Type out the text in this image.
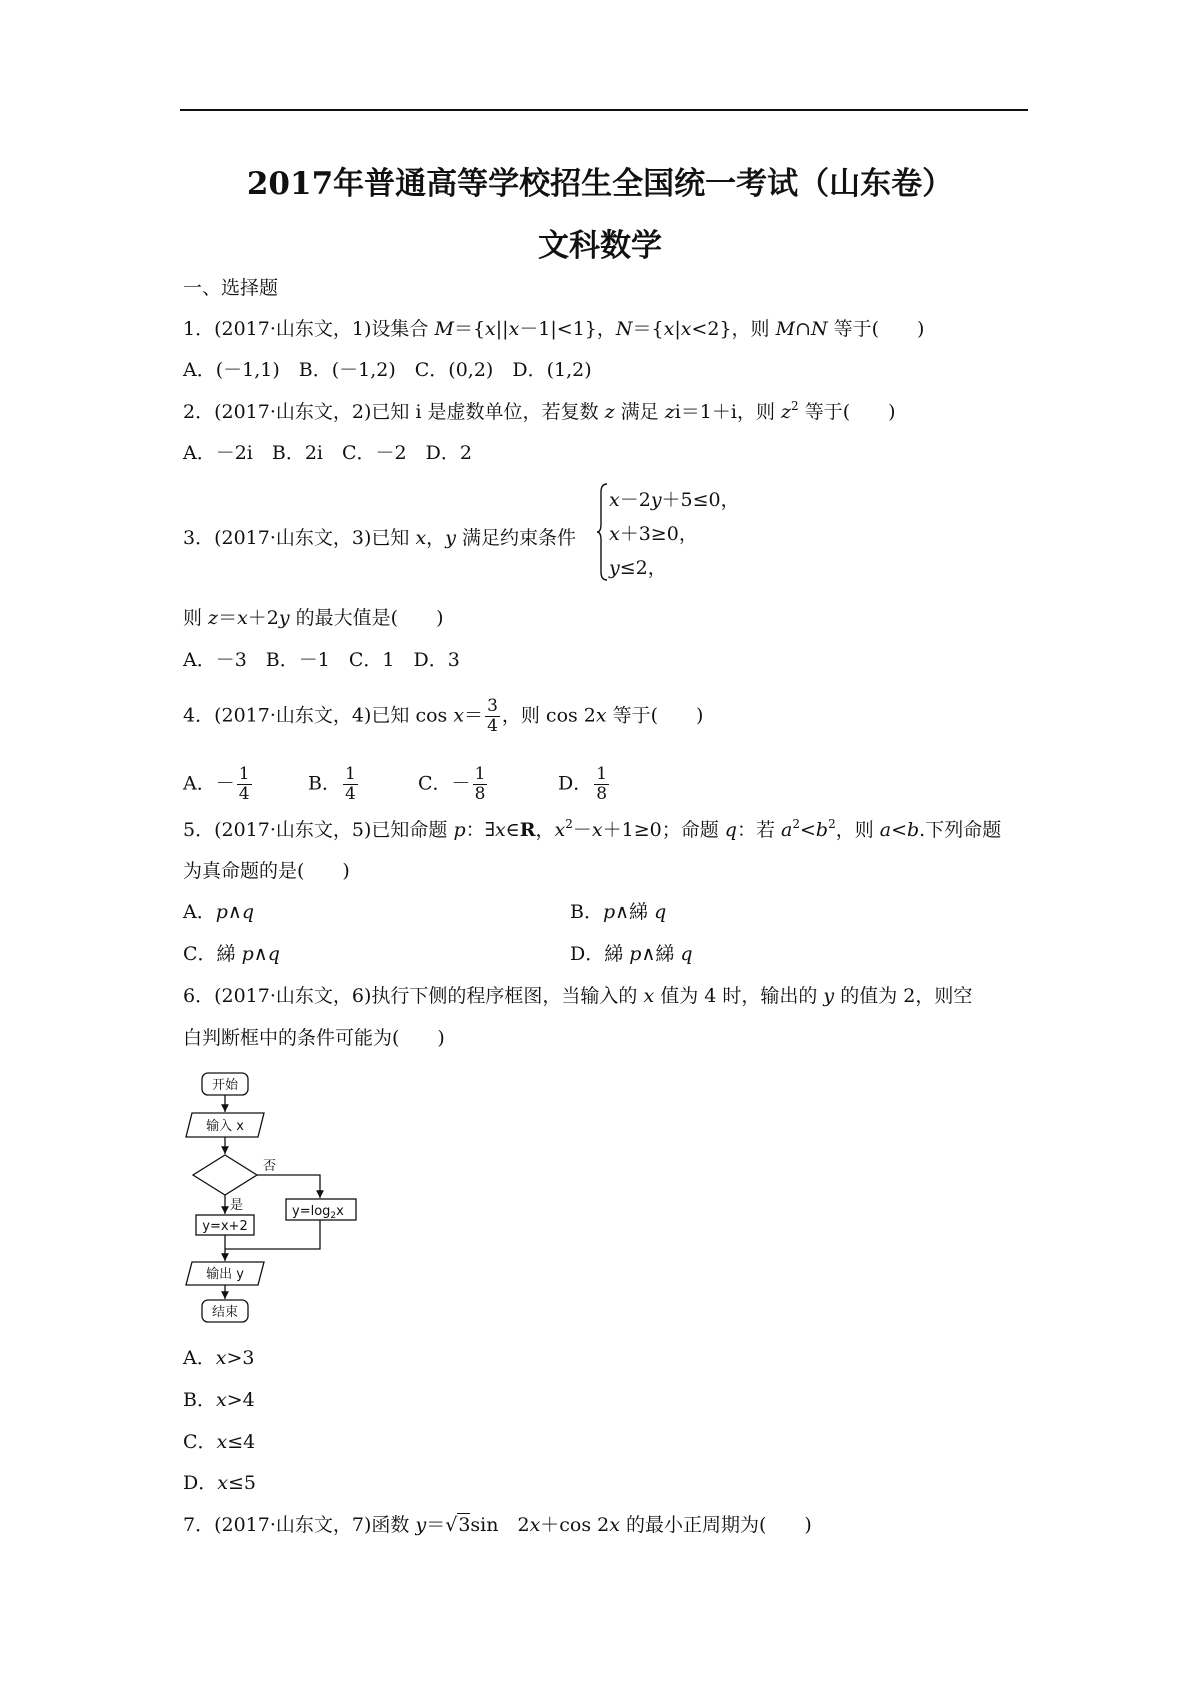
2017年普通高等学校招生全国统一考试（山东卷）
文科数学
一、选择题
1．(2017·山东文，1)设集合 M＝{x||x－1|<1}，N＝{x|x<2}，则 M∩N 等于(　　)
A．(－1,1)　B．(－1,2)　C．(0,2)　D．(1,2)
2．(2017·山东文，2)已知 i 是虚数单位，若复数 z 满足 zi＝1＋i，则 $z^2$ 等于(　　)
A．－2i　B．2i　C．－2　D．2
3．(2017·山东文，3)已知 x，y 满足约束条件
x－2y＋5≤0，
x＋3≥0，
y≤2，
则 z＝x＋2y 的最大值是(　　)
A．－3　B．－1　C．1　D．3
4．(2017·山东文，4)已知 $\cos x= \frac{3}{4}$ ，则 cos 2x 等于(　　)
A．－ $\frac{1}{4}$	B． $\frac{1}{4}$	C．－ $\frac{1}{8}$	D． $\frac{1}{8}$
5．(2017·山东文，5)已知命题 p：∃x∈R，$x^2-x+1\ge 0$；命题 q：若 $a^2<b^2$，则 a<b.下列命题
为真命题的是(　　)
A．p∧q	B．p∧綈 q
C．綈 p∧q	D．綈 p∧綈 q
6．(2017·山东文，6)执行下侧的程序框图，当输入的 x 值为 4 时，输出的 y 的值为 2，则空
白判断框中的条件可能为(　　)
开始
输入 x
否
是
y=x+2
$y=\log_2x$
输出 y
结束
A．x>3
B．x>4
C．x≤4
D．x≤5
7．(2017·山东文，7)函数 y＝√3sin　2x＋cos 2x 的最小正周期为(　　)
